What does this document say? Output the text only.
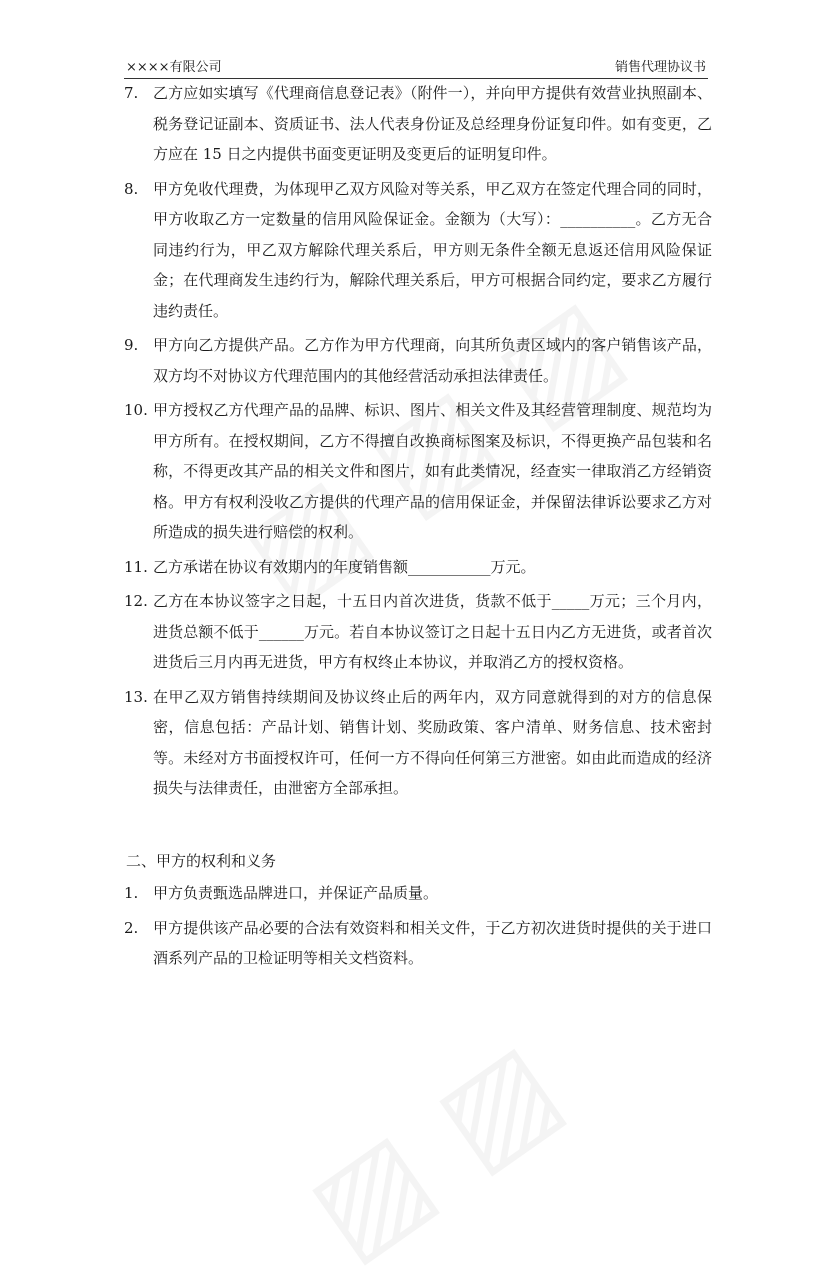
××××有限公司	销售代理协议书
7. 乙方应如实填写《代理商信息登记表》（附件一），并向甲方提供有效营业执照副本、税务登记证副本、资质证书、法人代表身份证及总经理身份证复印件。如有变更，乙方应在 15 日之内提供书面变更证明及变更后的证明复印件。

8. 甲方免收代理费，为体现甲乙双方风险对等关系，甲乙双方在签定代理合同的同时，甲方收取乙方一定数量的信用风险保证金。金额为（大写）：__________。乙方无合同违约行为，甲乙双方解除代理关系后，甲方则无条件全额无息返还信用风险保证金；在代理商发生违约行为，解除代理关系后，甲方可根据合同约定，要求乙方履行违约责任。

9. 甲方向乙方提供产品。乙方作为甲方代理商，向其所负责区域内的客户销售该产品，双方均不对协议方代理范围内的其他经营活动承担法律责任。

10. 甲方授权乙方代理产品的品牌、标识、图片、相关文件及其经营管理制度、规范均为甲方所有。在授权期间，乙方不得擅自改换商标图案及标识，不得更换产品包装和名称，不得更改其产品的相关文件和图片，如有此类情况，经查实一律取消乙方经销资格。甲方有权利没收乙方提供的代理产品的信用保证金，并保留法律诉讼要求乙方对所造成的损失进行赔偿的权利。

11. 乙方承诺在协议有效期内的年度销售额___________万元。

12. 乙方在本协议签字之日起，十五日内首次进货，货款不低于_____万元；三个月内，进货总额不低于______万元。若自本协议签订之日起十五日内乙方无进货，或者首次进货后三月内再无进货，甲方有权终止本协议，并取消乙方的授权资格。

13. 在甲乙双方销售持续期间及协议终止后的两年内，双方同意就得到的对方的信息保密，信息包括：产品计划、销售计划、奖励政策、客户清单、财务信息、技术密封等。未经对方书面授权许可，任何一方不得向任何第三方泄密。如由此而造成的经济损失与法律责任，由泄密方全部承担。

二、甲方的权利和义务
1. 甲方负责甄选品牌进口，并保证产品质量。

2. 甲方提供该产品必要的合法有效资料和相关文件，于乙方初次进货时提供的关于进口酒系列产品的卫检证明等相关文档资料。
